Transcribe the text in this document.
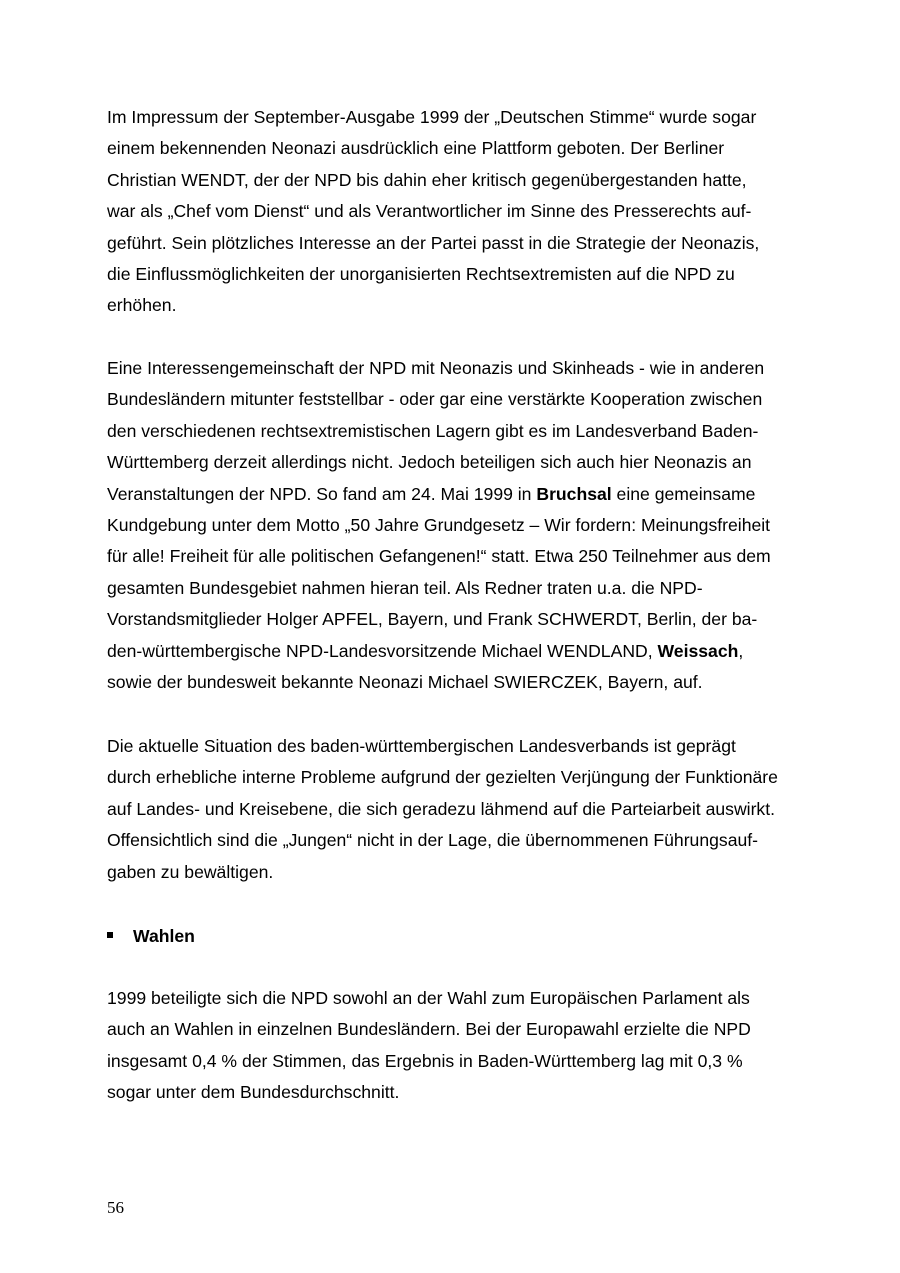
Im Impressum der September-Ausgabe 1999 der „Deutschen Stimme“ wurde sogar
einem bekennenden Neonazi ausdrücklich eine Plattform geboten. Der Berliner
Christian WENDT, der der NPD bis dahin eher kritisch gegenübergestanden hatte,
war als „Chef vom Dienst“ und als Verantwortlicher im Sinne des Presserechts auf-
geführt. Sein plötzliches Interesse an der Partei passt in die Strategie der Neonazis,
die Einflussmöglichkeiten der unorganisierten Rechtsextremisten auf die NPD zu
erhöhen.

Eine Interessengemeinschaft der NPD mit Neonazis und Skinheads - wie in anderen
Bundesländern mitunter feststellbar - oder gar eine verstärkte Kooperation zwischen
den verschiedenen rechtsextremistischen Lagern gibt es im Landesverband Baden-
Württemberg derzeit allerdings nicht. Jedoch beteiligen sich auch hier Neonazis an
Veranstaltungen der NPD. So fand am 24. Mai 1999 in Bruchsal eine gemeinsame
Kundgebung unter dem Motto „50 Jahre Grundgesetz – Wir fordern: Meinungsfreiheit
für alle! Freiheit für alle politischen Gefangenen!“ statt. Etwa 250 Teilnehmer aus dem
gesamten Bundesgebiet nahmen hieran teil. Als Redner traten u.a. die NPD-
Vorstandsmitglieder Holger APFEL, Bayern, und Frank SCHWERDT, Berlin, der ba-
den-württembergische NPD-Landesvorsitzende Michael WENDLAND, Weissach,
sowie der bundesweit bekannte Neonazi Michael SWIERCZEK, Bayern, auf.

Die aktuelle Situation des baden-württembergischen Landesverbands ist geprägt
durch erhebliche interne Probleme aufgrund der gezielten Verjüngung der Funktionäre
auf Landes- und Kreisebene, die sich geradezu lähmend auf die Parteiarbeit auswirkt.
Offensichtlich sind die „Jungen“ nicht in der Lage, die übernommenen Führungsauf-
gaben zu bewältigen.

Wahlen

1999 beteiligte sich die NPD sowohl an der Wahl zum Europäischen Parlament als
auch an Wahlen in einzelnen Bundesländern. Bei der Europawahl erzielte die NPD
insgesamt 0,4 % der Stimmen, das Ergebnis in Baden-Württemberg lag mit 0,3 %
sogar unter dem Bundesdurchschnitt.

56
